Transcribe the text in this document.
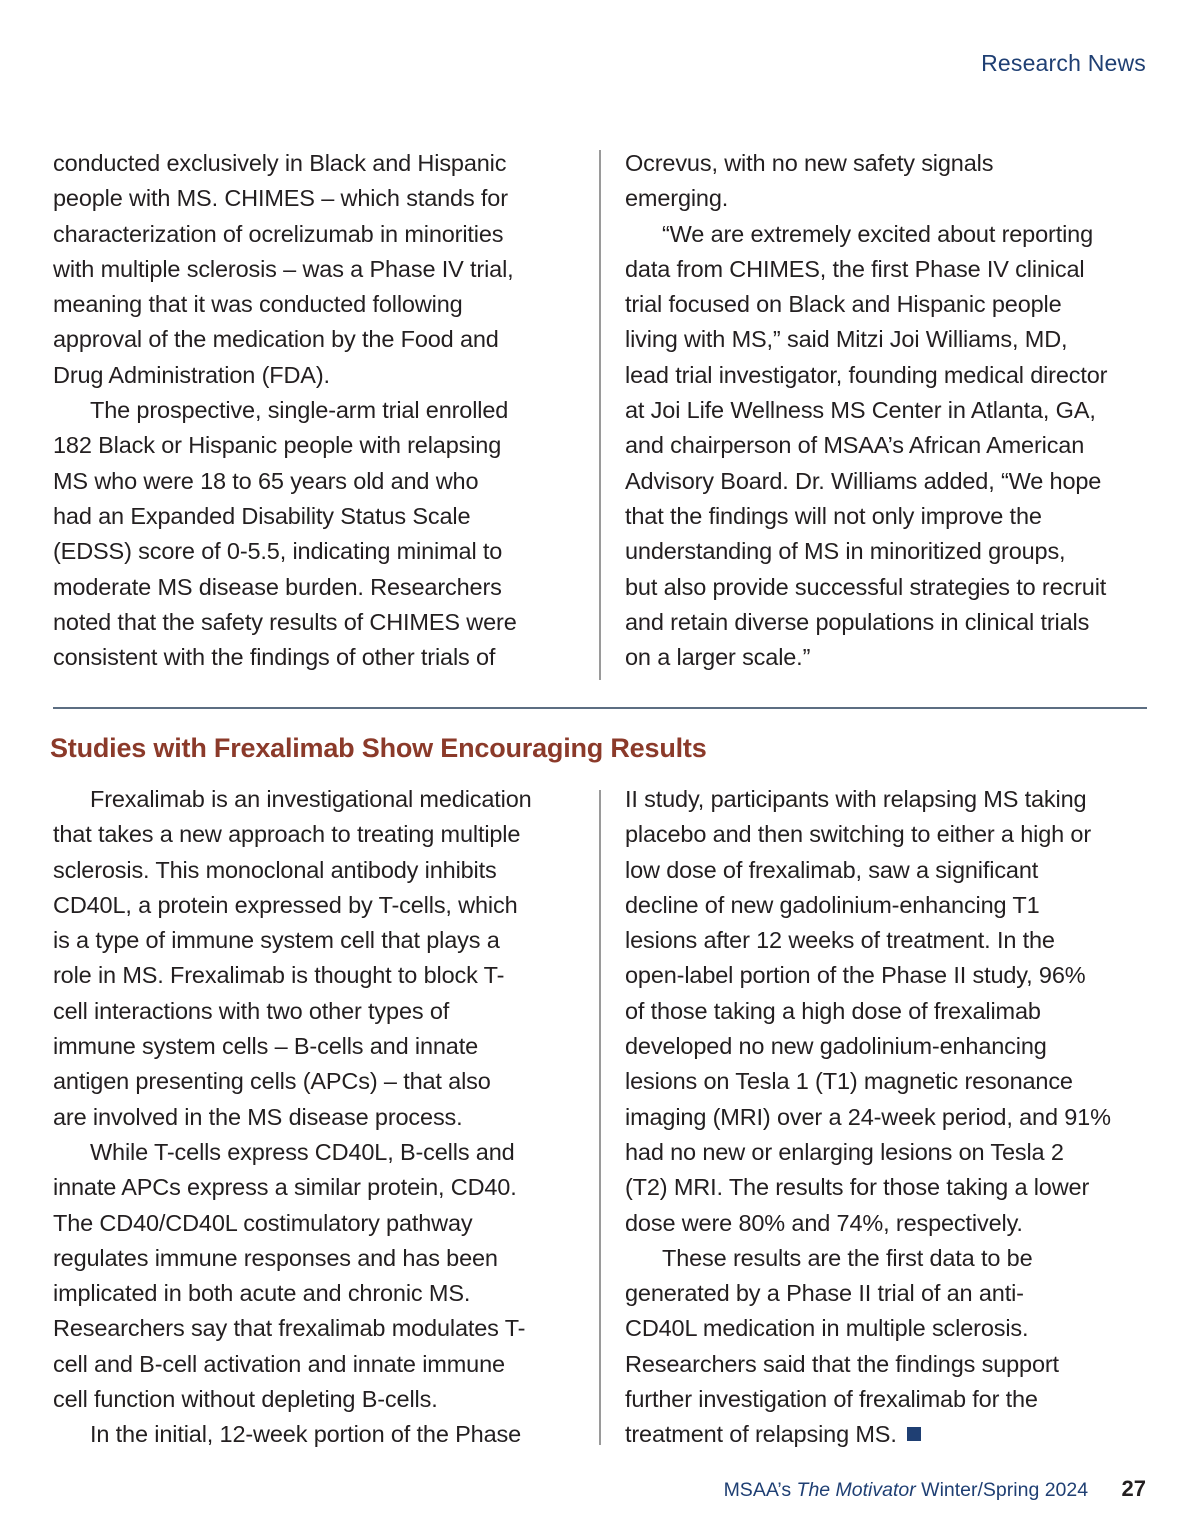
Research News
conducted exclusively in Black and Hispanic
people with MS. CHIMES – which stands for
characterization of ocrelizumab in minorities
with multiple sclerosis – was a Phase IV trial,
meaning that it was conducted following
approval of the medication by the Food and
Drug Administration (FDA).
The prospective, single-arm trial enrolled
182 Black or Hispanic people with relapsing
MS who were 18 to 65 years old and who
had an Expanded Disability Status Scale
(EDSS) score of 0-5.5, indicating minimal to
moderate MS disease burden. Researchers
noted that the safety results of CHIMES were
consistent with the findings of other trials of
Ocrevus, with no new safety signals
emerging.
“We are extremely excited about reporting
data from CHIMES, the first Phase IV clinical
trial focused on Black and Hispanic people
living with MS,” said Mitzi Joi Williams, MD,
lead trial investigator, founding medical director
at Joi Life Wellness MS Center in Atlanta, GA,
and chairperson of MSAA’s African American
Advisory Board. Dr. Williams added, “We hope
that the findings will not only improve the
understanding of MS in minoritized groups,
but also provide successful strategies to recruit
and retain diverse populations in clinical trials
on a larger scale.”
Studies with Frexalimab Show Encouraging Results
Frexalimab is an investigational medication
that takes a new approach to treating multiple
sclerosis. This monoclonal antibody inhibits
CD40L, a protein expressed by T-cells, which
is a type of immune system cell that plays a
role in MS. Frexalimab is thought to block T-
cell interactions with two other types of
immune system cells – B-cells and innate
antigen presenting cells (APCs) – that also
are involved in the MS disease process.
While T-cells express CD40L, B-cells and
innate APCs express a similar protein, CD40.
The CD40/CD40L costimulatory pathway
regulates immune responses and has been
implicated in both acute and chronic MS.
Researchers say that frexalimab modulates T-
cell and B-cell activation and innate immune
cell function without depleting B-cells.
In the initial, 12-week portion of the Phase
II study, participants with relapsing MS taking
placebo and then switching to either a high or
low dose of frexalimab, saw a significant
decline of new gadolinium-enhancing T1
lesions after 12 weeks of treatment. In the
open-label portion of the Phase II study, 96%
of those taking a high dose of frexalimab
developed no new gadolinium-enhancing
lesions on Tesla 1 (T1) magnetic resonance
imaging (MRI) over a 24-week period, and 91%
had no new or enlarging lesions on Tesla 2
(T2) MRI. The results for those taking a lower
dose were 80% and 74%, respectively.
These results are the first data to be
generated by a Phase II trial of an anti-
CD40L medication in multiple sclerosis.
Researchers said that the findings support
further investigation of frexalimab for the
treatment of relapsing MS.
MSAA’s The Motivator Winter/Spring 2024 27
